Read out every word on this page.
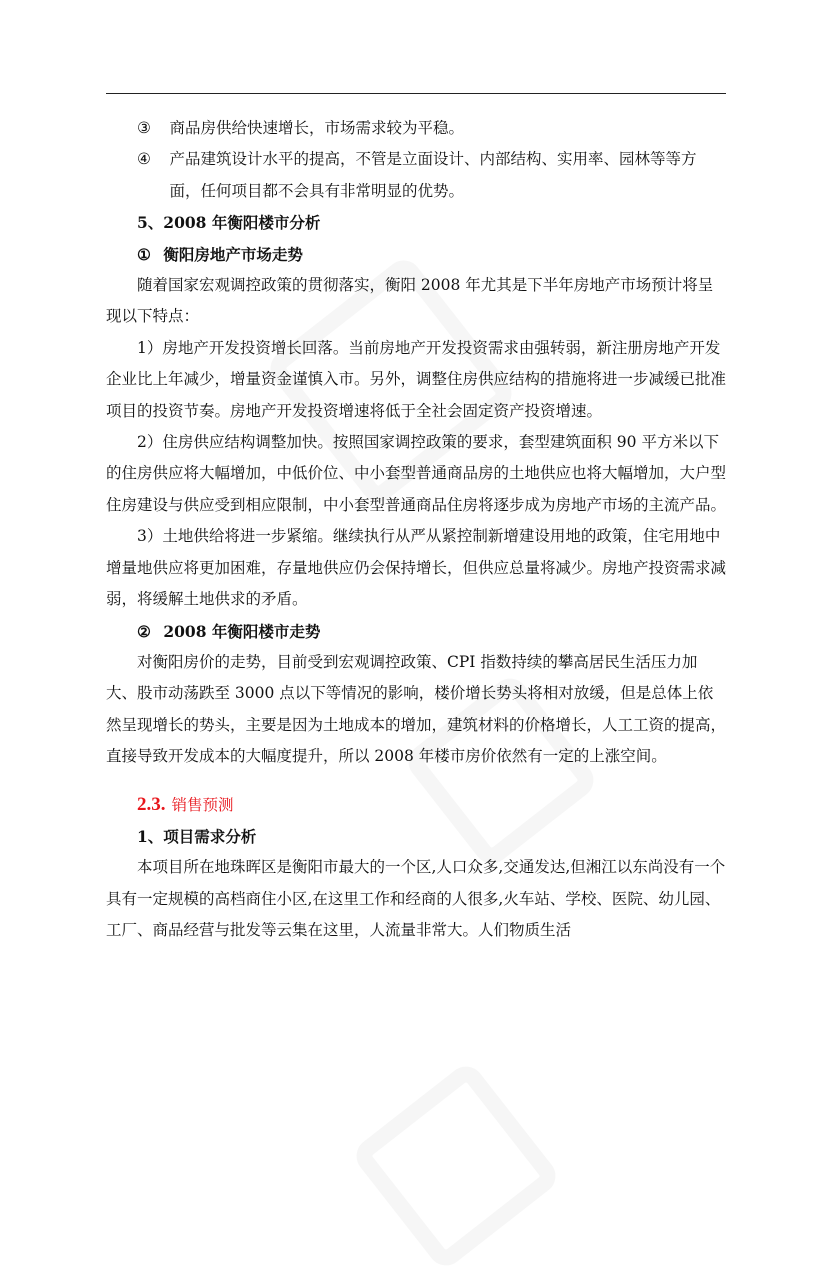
③ 商品房供给快速增长，市场需求较为平稳。

④ 产品建筑设计水平的提高，不管是立面设计、内部结构、实用率、园林等等方面，任何项目都不会具有非常明显的优势。

5、2008 年衡阳楼市分析

① 衡阳房地产市场走势

随着国家宏观调控政策的贯彻落实，衡阳 2008 年尤其是下半年房地产市场预计将呈现以下特点：

1）房地产开发投资增长回落。当前房地产开发投资需求由强转弱，新注册房地产开发企业比上年减少，增量资金谨慎入市。另外，调整住房供应结构的措施将进一步减缓已批准项目的投资节奏。房地产开发投资增速将低于全社会固定资产投资增速。

2）住房供应结构调整加快。按照国家调控政策的要求，套型建筑面积 90 平方米以下的住房供应将大幅增加，中低价位、中小套型普通商品房的土地供应也将大幅增加，大户型住房建设与供应受到相应限制，中小套型普通商品住房将逐步成为房地产市场的主流产品。

3）土地供给将进一步紧缩。继续执行从严从紧控制新增建设用地的政策，住宅用地中增量地供应将更加困难，存量地供应仍会保持增长，但供应总量将减少。房地产投资需求减弱，将缓解土地供求的矛盾。

② 2008 年衡阳楼市走势

对衡阳房价的走势，目前受到宏观调控政策、CPI 指数持续的攀高居民生活压力加大、股市动荡跌至 3000 点以下等情况的影响，楼价增长势头将相对放缓，但是总体上依然呈现增长的势头，主要是因为土地成本的增加，建筑材料的价格增长，人工工资的提高，直接导致开发成本的大幅度提升，所以 2008 年楼市房价依然有一定的上涨空间。

2.3. 销售预测

1、项目需求分析

本项目所在地珠晖区是衡阳市最大的一个区,人口众多,交通发达,但湘江以东尚没有一个具有一定规模的高档商住小区,在这里工作和经商的人很多,火车站、学校、医院、幼儿园、工厂、商品经营与批发等云集在这里，人流量非常大。人们物质生活
